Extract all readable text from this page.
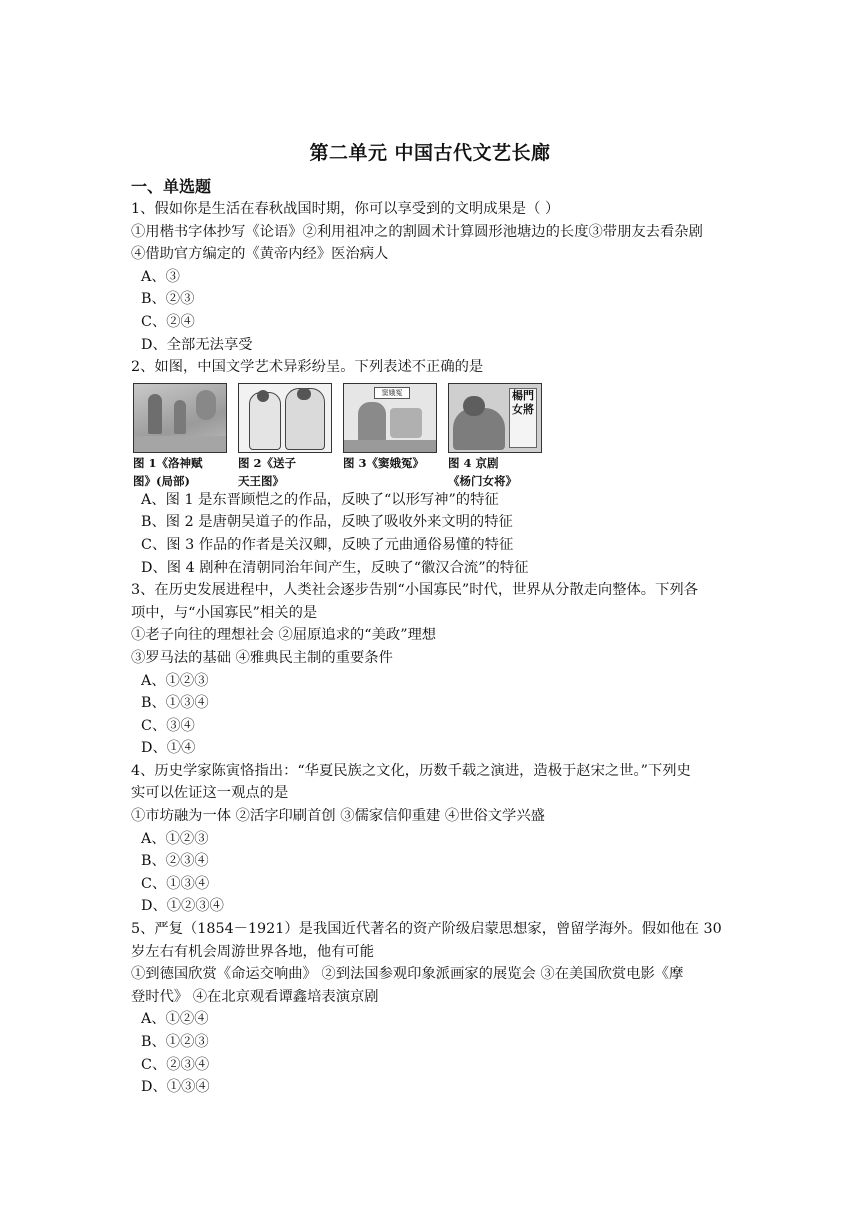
第二单元 中国古代文艺长廊
一、单选题
1、假如你是生活在春秋战国时期，你可以享受到的文明成果是（ ）
①用楷书字体抄写《论语》②利用祖冲之的割圆术计算圆形池塘边的长度③带朋友去看杂剧
④借助官方编定的《黄帝内经》医治病人
A、③
B、②③
C、②④
D、全部无法享受
2、如图，中国文学艺术异彩纷呈。下列表述不正确的是
图 1《洛神赋
图》(局部)
图 2《送子
天王图》
窦娥冤
图 3《窦娥冤》
楊門女將
图 4 京剧
《杨门女将》
A、图 1 是东晋顾恺之的作品，反映了“以形写神”的特征
B、图 2 是唐朝吴道子的作品，反映了吸收外来文明的特征
C、图 3 作品的作者是关汉卿，反映了元曲通俗易懂的特征
D、图 4 剧种在清朝同治年间产生，反映了“徽汉合流”的特征
3、在历史发展进程中，人类社会逐步告别“小国寡民”时代，世界从分散走向整体。下列各
项中，与“小国寡民”相关的是
①老子向往的理想社会 ②屈原追求的“美政”理想
③罗马法的基础 ④雅典民主制的重要条件
A、①②③
B、①③④
C、③④
D、①④
4、历史学家陈寅恪指出：“华夏民族之文化，历数千载之演进，造极于赵宋之世。”下列史
实可以佐证这一观点的是
①市坊融为一体 ②活字印刷首创 ③儒家信仰重建 ④世俗文学兴盛
A、①②③
B、②③④
C、①③④
D、①②③④
5、严复（1854－1921）是我国近代著名的资产阶级启蒙思想家，曾留学海外。假如他在 30
岁左右有机会周游世界各地，他有可能
①到德国欣赏《命运交响曲》 ②到法国参观印象派画家的展览会 ③在美国欣赏电影《摩
登时代》 ④在北京观看谭鑫培表演京剧
A、①②④
B、①②③
C、②③④
D、①③④
